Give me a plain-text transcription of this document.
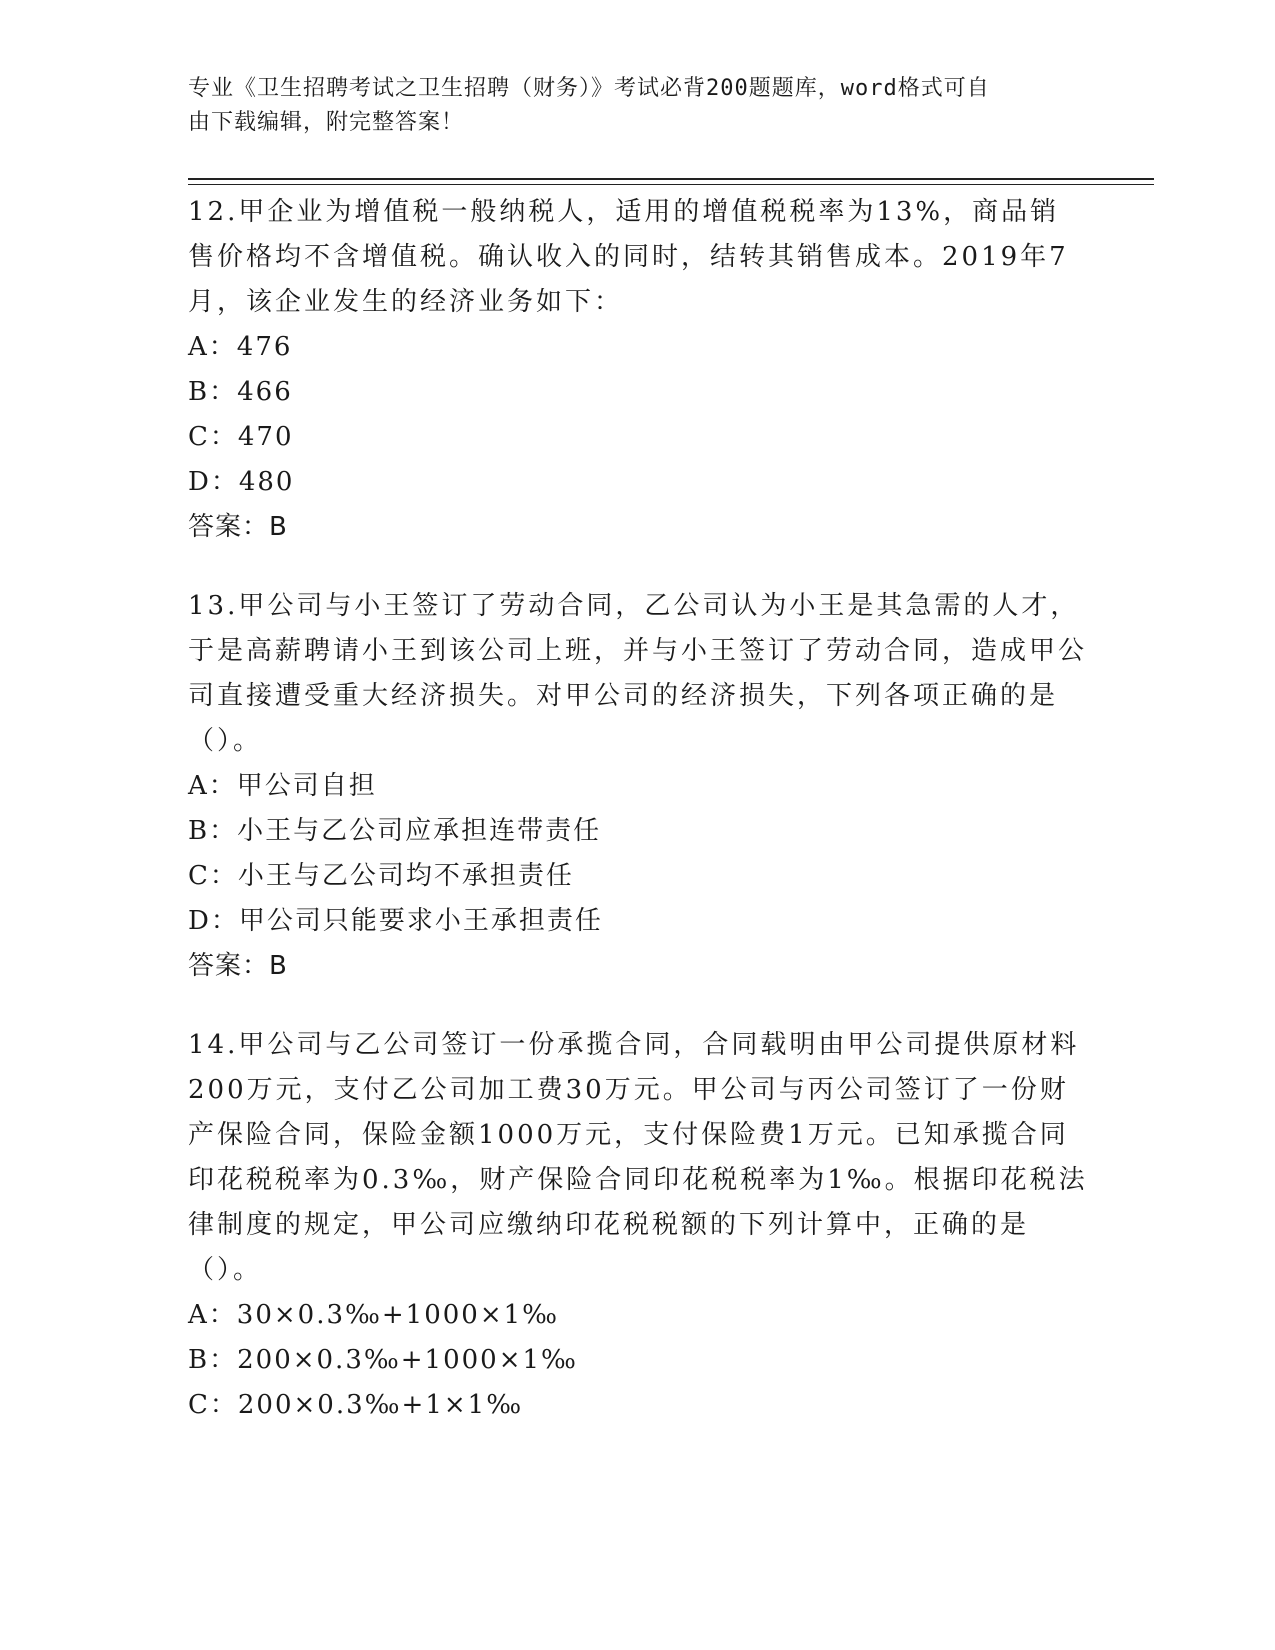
专业《卫生招聘考试之卫生招聘（财务）》考试必背200题题库，word格式可自
由下载编辑，附完整答案！

12.甲企业为增值税一般纳税人，适用的增值税税率为13%，商品销售价格均不含增值税。确认收入的同时，结转其销售成本。2019年7月，该企业发生的经济业务如下：

A：476

B：466

C：470

D：480

答案：B

13.甲公司与小王签订了劳动合同，乙公司认为小王是其急需的人才，于是高薪聘请小王到该公司上班，并与小王签订了劳动合同，造成甲公司直接遭受重大经济损失。对甲公司的经济损失，下列各项正确的是（）。

A：甲公司自担

B：小王与乙公司应承担连带责任

C：小王与乙公司均不承担责任

D：甲公司只能要求小王承担责任

答案：B

14.甲公司与乙公司签订一份承揽合同，合同载明由甲公司提供原材料200万元，支付乙公司加工费30万元。甲公司与丙公司签订了一份财产保险合同，保险金额1000万元，支付保险费1万元。已知承揽合同印花税税率为0.3‰，财产保险合同印花税税率为1‰。根据印花税法律制度的规定，甲公司应缴纳印花税税额的下列计算中，正确的是（）。

A：30×0.3‰+1000×1‰

B：200×0.3‰+1000×1‰

C：200×0.3‰+1×1‰
